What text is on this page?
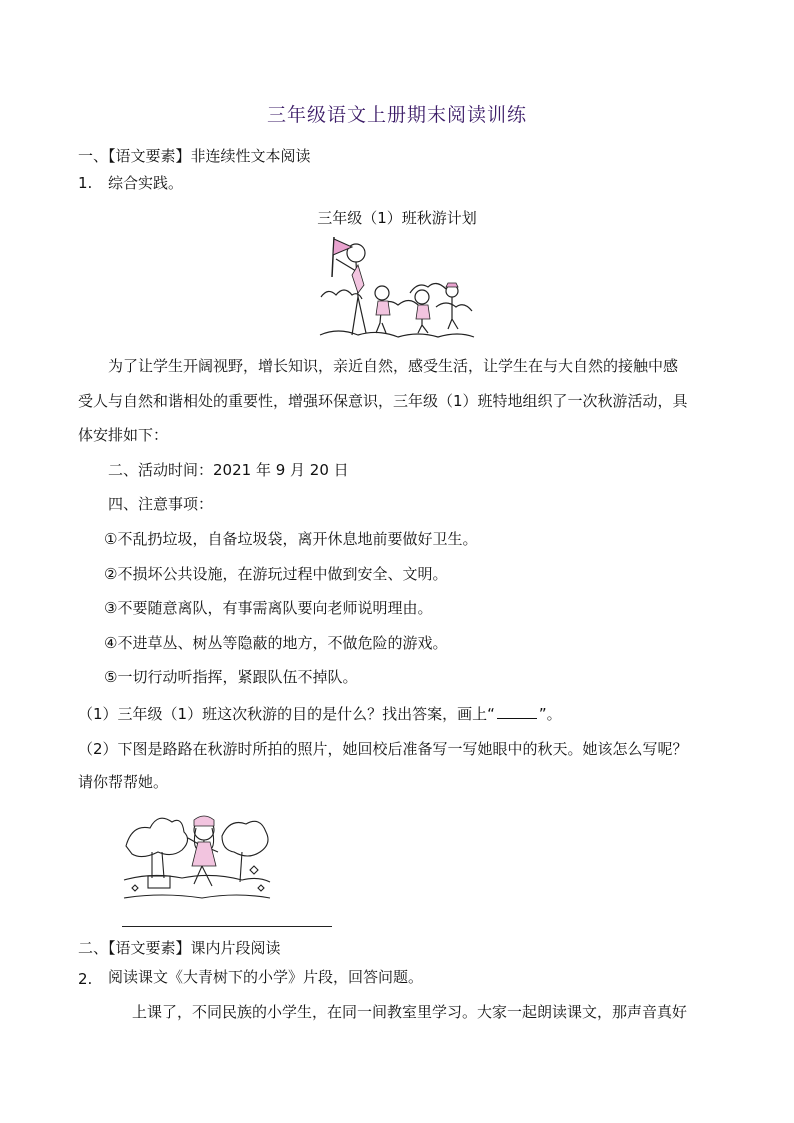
三年级语文上册期末阅读训练
一、【语文要素】非连续性文本阅读
1. 综合实践。
三年级（1）班秋游计划
为了让学生开阔视野，增长知识，亲近自然，感受生活，让学生在与大自然的接触中感
受人与自然和谐相处的重要性，增强环保意识，三年级（1）班特地组织了一次秋游活动，具
体安排如下：
二、活动时间：2021 年 9 月 20 日
四、注意事项：
①不乱扔垃圾，自备垃圾袋，离开休息地前要做好卫生。
②不损坏公共设施，在游玩过程中做到安全、文明。
③不要随意离队，有事需离队要向老师说明理由。
④不进草丛、树丛等隐蔽的地方，不做危险的游戏。
⑤一切行动听指挥，紧跟队伍不掉队。
（1）三年级（1）班这次秋游的目的是什么？找出答案，画上“	”。
（2）下图是路路在秋游时所拍的照片，她回校后准备写一写她眼中的秋天。她该怎么写呢？
请你帮帮她。
二、【语文要素】课内片段阅读
2. 阅读课文《大青树下的小学》片段，回答问题。
上课了，不同民族的小学生，在同一间教室里学习。大家一起朗读课文，那声音真好
